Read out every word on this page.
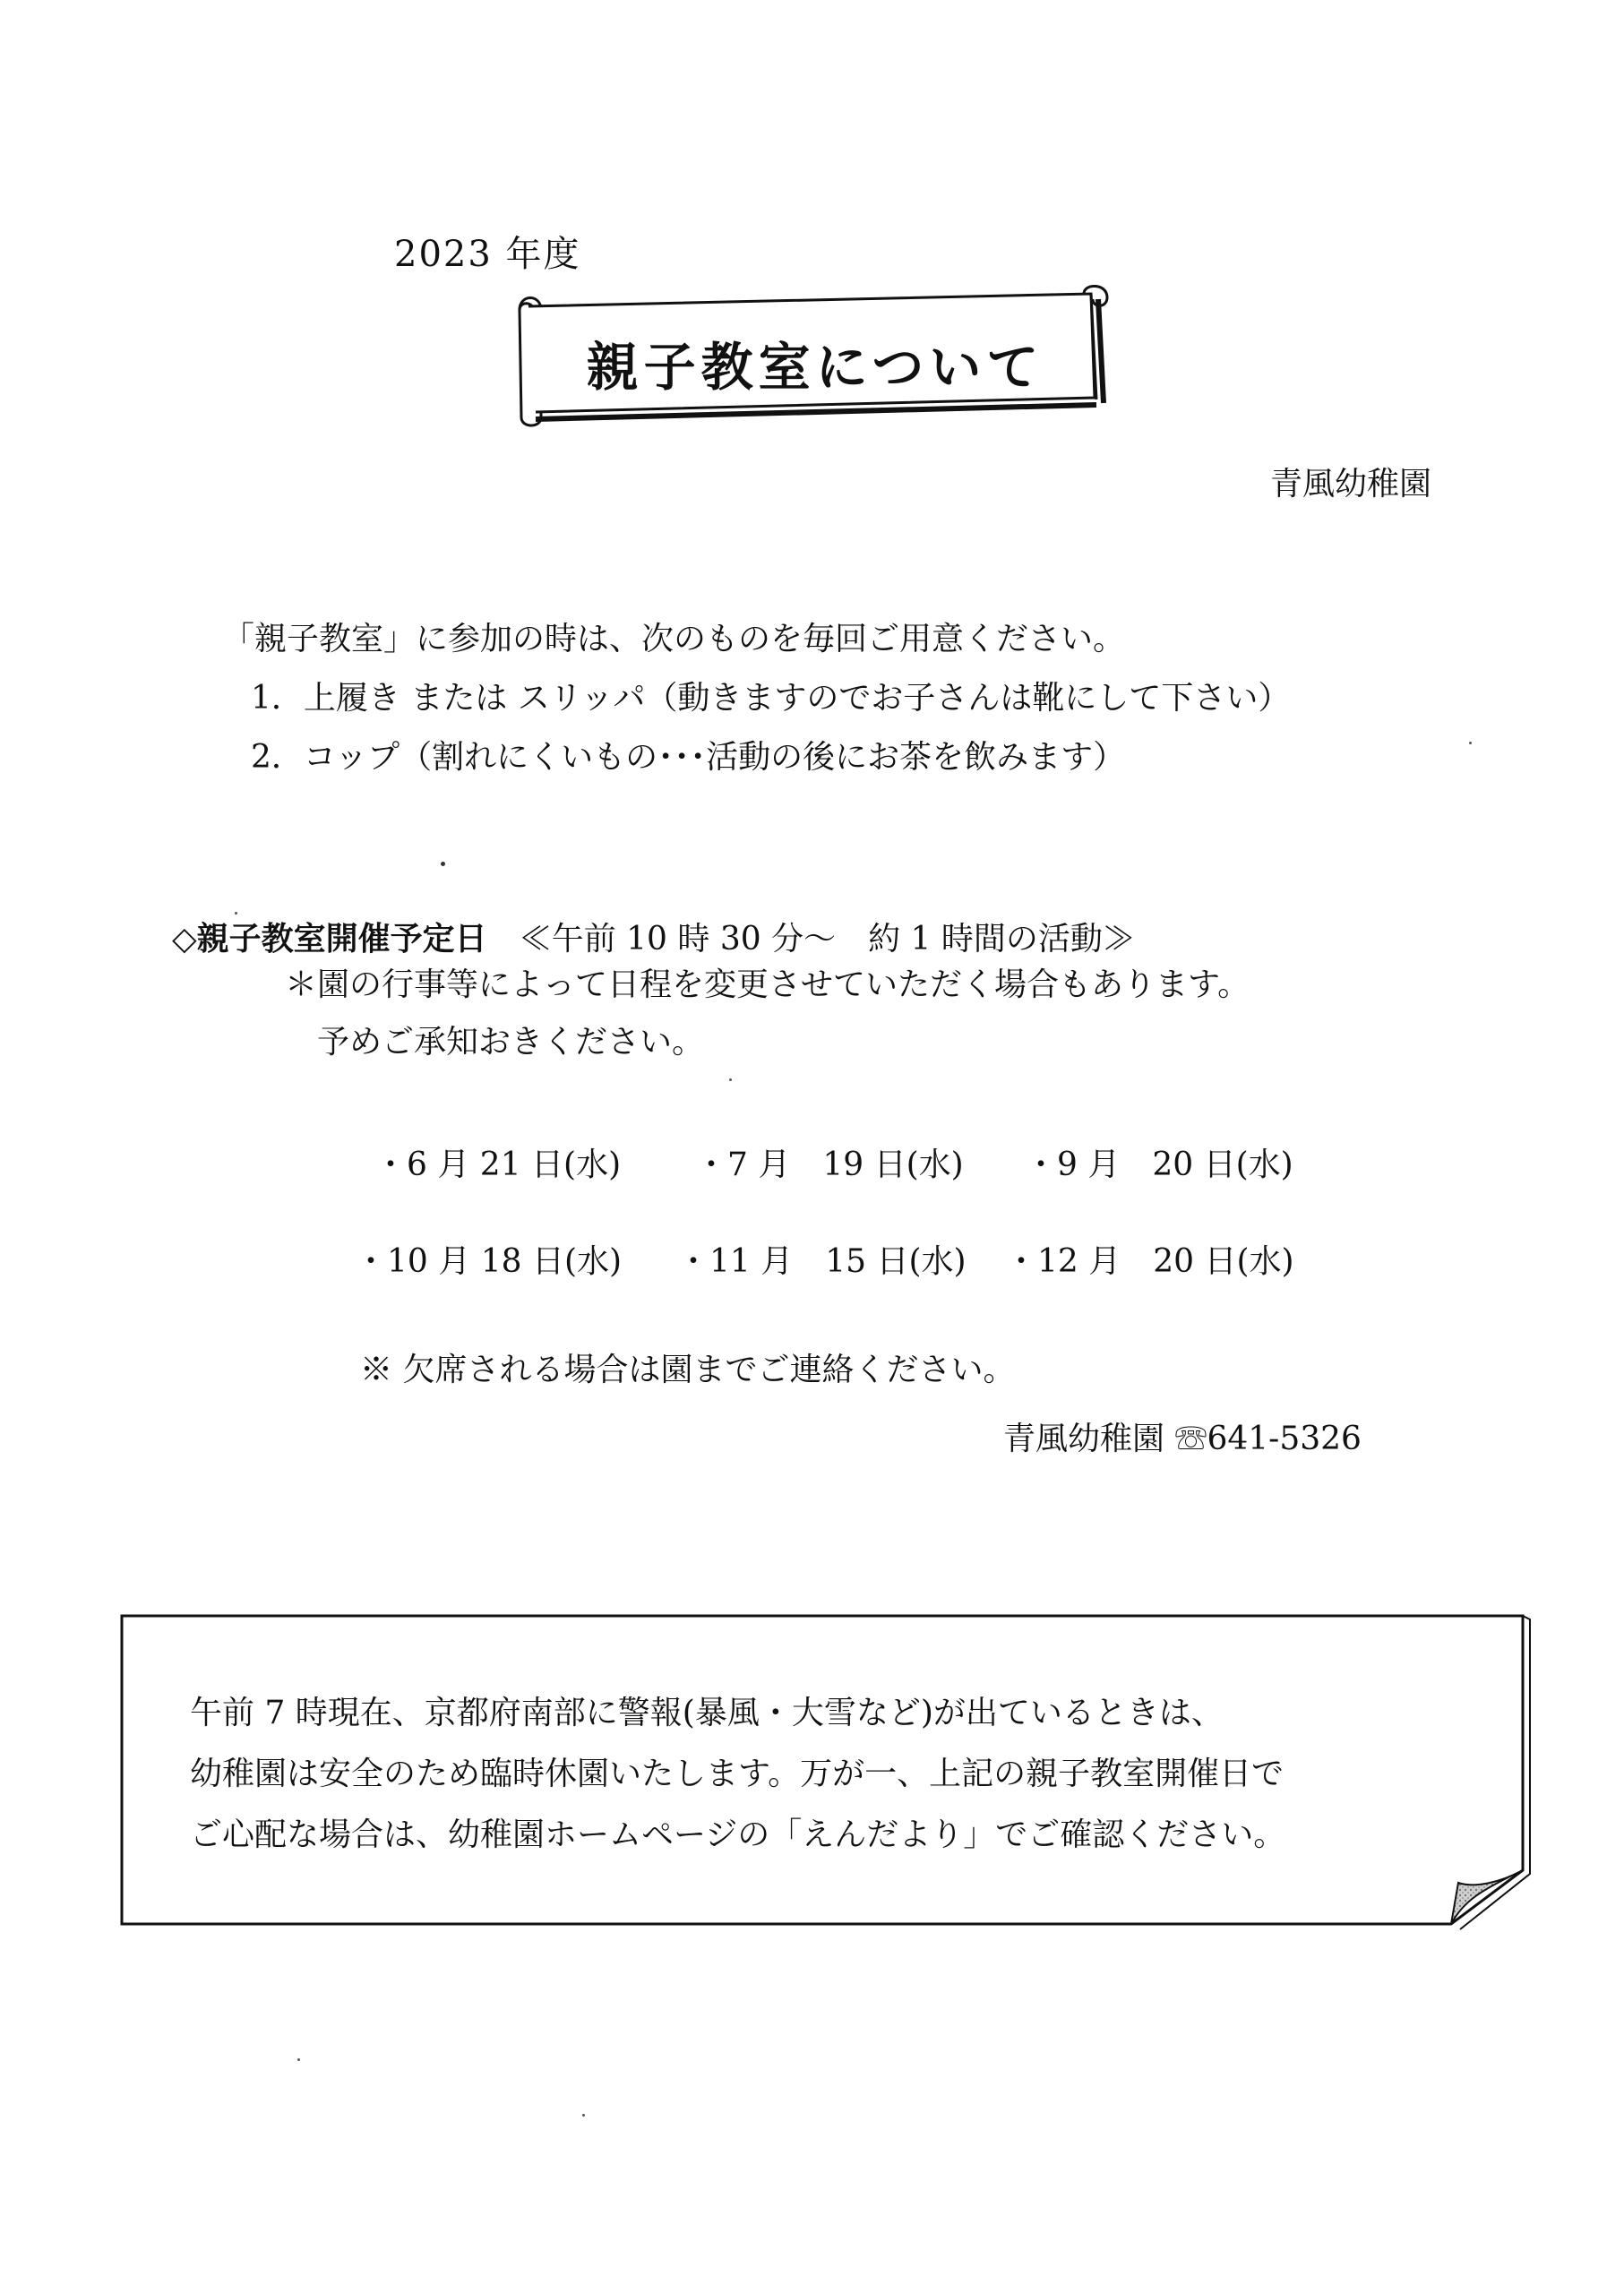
2023 年度
親子教室について
青風幼稚園
「親子教室」に参加の時は、次のものを毎回ご用意ください。
1．上履き または スリッパ（動きますのでお子さんは靴にして下さい）
2．コップ（割れにくいもの･･･活動の後にお茶を飲みます）
◇親子教室開催予定日　 ≪午前 10 時 30 分～　約 1 時間の活動≫
＊園の行事等によって日程を変更させていただく場合もあります。
予めご承知おきください。
・6 月 21 日(水) ・7 月　19 日(水) ・9 月　20 日(水)
・10 月 18 日(水) ・11 月　15 日(水) ・12 月　20 日(水)
※ 欠席される場合は園までご連絡ください。
青風幼稚園 ☏641-5326
午前 7 時現在、京都府南部に警報(暴風・大雪など)が出ているときは、
幼稚園は安全のため臨時休園いたします。万が一、上記の親子教室開催日で
ご心配な場合は、幼稚園ホームページの「えんだより」でご確認ください。
